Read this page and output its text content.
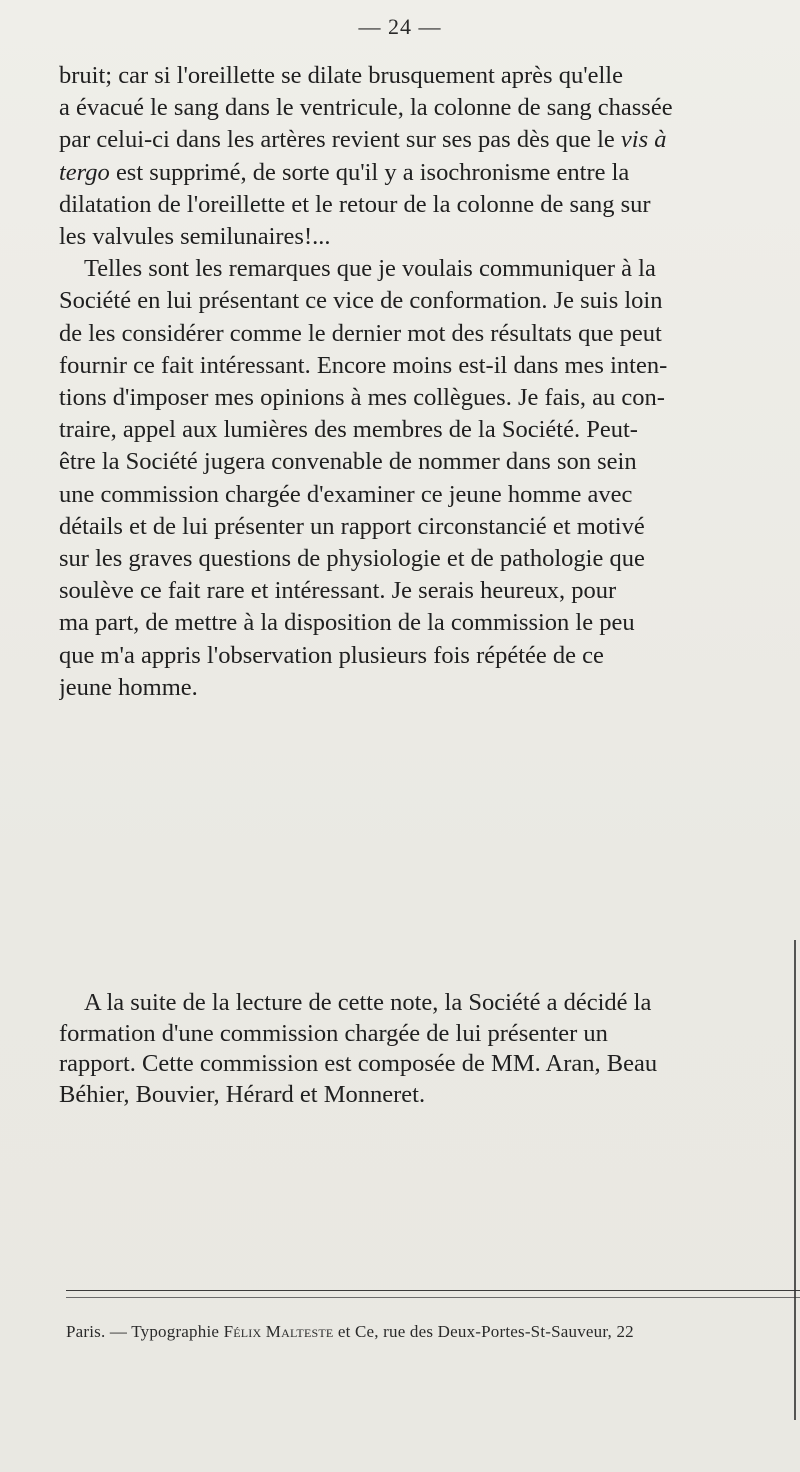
— 24 —
bruit; car si l'oreillette se dilate brusquement après qu'elle
a évacué le sang dans le ventricule, la colonne de sang chassée
par celui-ci dans les artères revient sur ses pas dès que le vis à
tergo est supprimé, de sorte qu'il y a isochronisme entre la
dilatation de l'oreillette et le retour de la colonne de sang sur
les valvules semilunaires!...
Telles sont les remarques que je voulais communiquer à la
Société en lui présentant ce vice de conformation. Je suis loin
de les considérer comme le dernier mot des résultats que peut
fournir ce fait intéressant. Encore moins est-il dans mes inten-
tions d'imposer mes opinions à mes collègues. Je fais, au con-
traire, appel aux lumières des membres de la Société. Peut-
être la Société jugera convenable de nommer dans son sein
une commission chargée d'examiner ce jeune homme avec
détails et de lui présenter un rapport circonstancié et motivé
sur les graves questions de physiologie et de pathologie que
soulève ce fait rare et intéressant. Je serais heureux, pour
ma part, de mettre à la disposition de la commission le peu
que m'a appris l'observation plusieurs fois répétée de ce
jeune homme.
A la suite de la lecture de cette note, la Société a décidé la
formation d'une commission chargée de lui présenter un
rapport. Cette commission est composée de MM. Aran, Beau
Béhier, Bouvier, Hérard et Monneret.
Paris. — Typographie Félix Malteste et Ce, rue des Deux-Portes-St-Sauveur, 22
